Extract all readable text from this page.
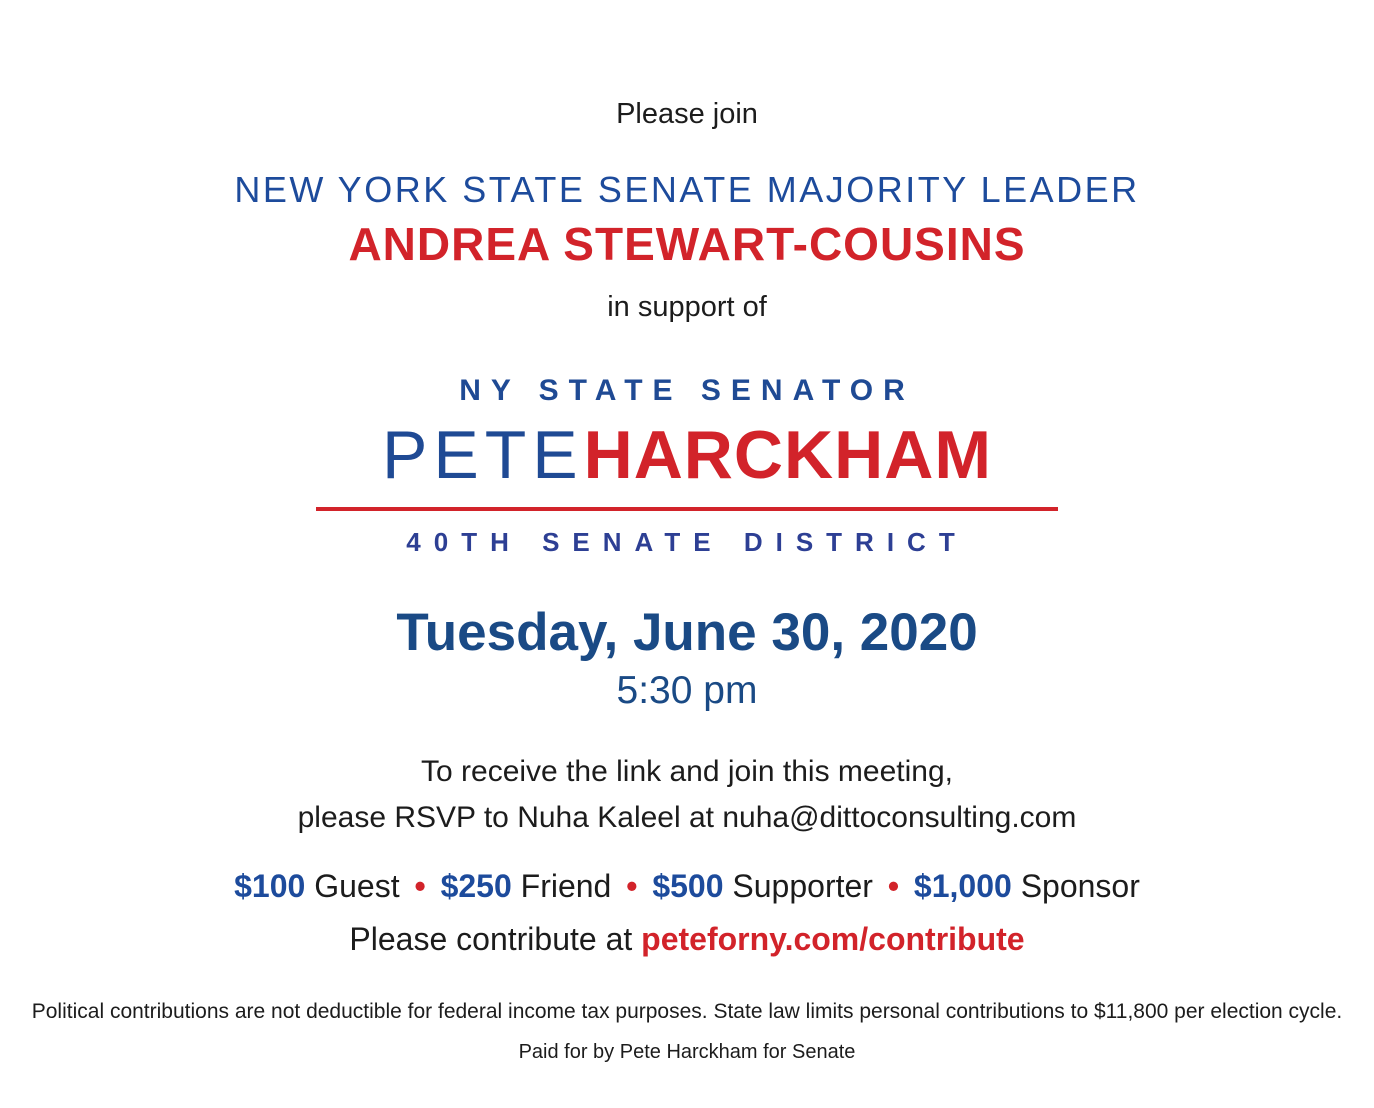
Please join

NEW YORK STATE SENATE MAJORITY LEADER

ANDREA STEWART-COUSINS

in support of

NY STATE SENATOR

PETEHARCKHAM

40TH SENATE DISTRICT

Tuesday, June 30, 2020

5:30 pm

To receive the link and join this meeting,

please RSVP to Nuha Kaleel at nuha@dittoconsulting.com

$100 Guest • $250 Friend • $500 Supporter • $1,000 Sponsor

Please contribute at peteforny.com/contribute

Political contributions are not deductible for federal income tax purposes. State law limits personal contributions to $11,800 per election cycle.

Paid for by Pete Harckham for Senate
